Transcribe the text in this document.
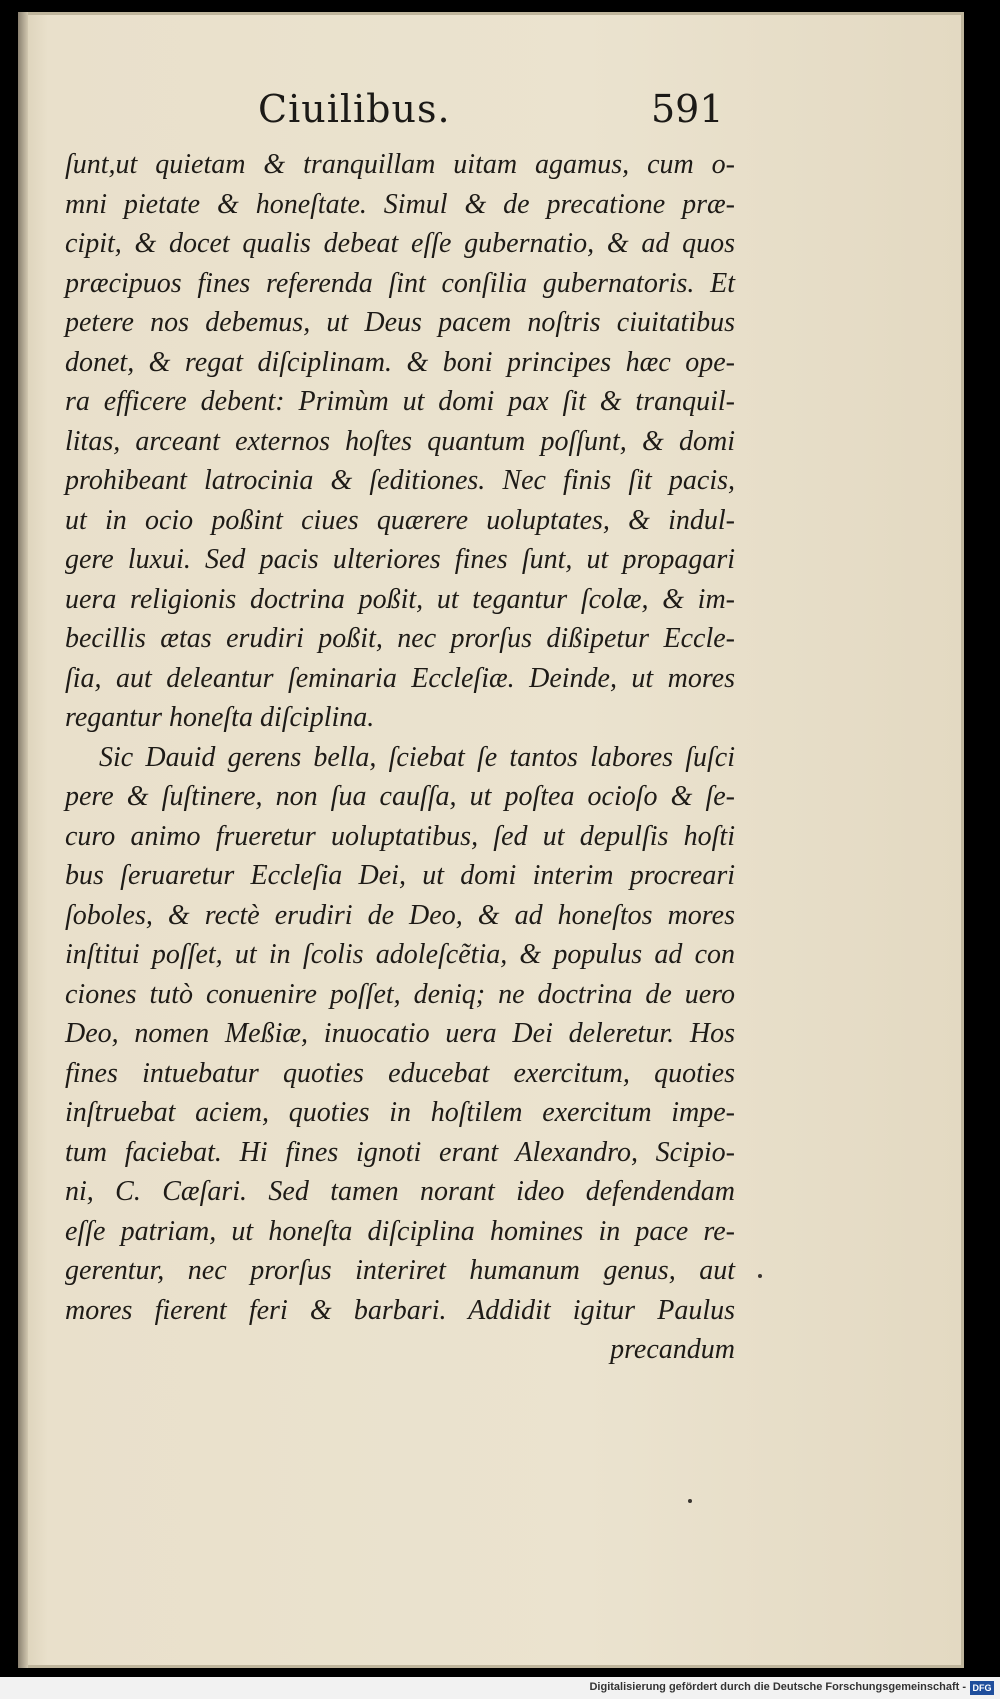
Ciuilibus.	591
ſunt,ut quietam & tranquillam uitam agamus, cum o-
mni pietate & honeſtate. Simul & de precatione præ-
cipit, & docet qualis debeat eſſe gubernatio, & ad quos
præcipuos fines referenda ſint conſilia gubernatoris. Et
petere nos debemus, ut Deus pacem noſtris ciuitatibus
donet, & regat diſciplinam. & boni principes hæc ope-
ra efficere debent: Primùm ut domi pax ſit & tranquil-
litas, arceant externos hoſtes quantum poſſunt, & domi
prohibeant latrocinia & ſeditiones. Nec finis ſit pacis,
ut in ocio poßint ciues quærere uoluptates, & indul-
gere luxui. Sed pacis ulteriores fines ſunt, ut propagari
uera religionis doctrina poßit, ut tegantur ſcolæ, & im-
becillis ætas erudiri poßit, nec prorſus dißipetur Eccle-
ſia, aut deleantur ſeminaria Eccleſiæ. Deinde, ut mores
regantur honeſta diſciplina.
Sic Dauid gerens bella, ſciebat ſe tantos labores ſuſci
pere & ſuſtinere, non ſua cauſſa, ut poſtea ocioſo & ſe-
curo animo frueretur uoluptatibus, ſed ut depulſis hoſti
bus ſeruaretur Eccleſia Dei, ut domi interim procreari
ſoboles, & rectè erudiri de Deo, & ad honeſtos mores
inſtitui poſſet, ut in ſcolis adoleſcẽtia, & populus ad con
ciones tutò conuenire poſſet, deniq; ne doctrina de uero
Deo, nomen Meßiæ, inuocatio uera Dei deleretur. Hos
fines intuebatur quoties educebat exercitum, quoties
inſtruebat aciem, quoties in hoſtilem exercitum impe-
tum faciebat. Hi fines ignoti erant Alexandro, Scipio-
ni, C. Cæſari. Sed tamen norant ideo defendendam
eſſe patriam, ut honeſta diſciplina homines in pace re-
gerentur, nec prorſus interiret humanum genus, aut
mores fierent feri & barbari. Addidit igitur Paulus
precandum
Digitalisierung gefördert durch die Deutsche Forschungsgemeinschaft - DFG
